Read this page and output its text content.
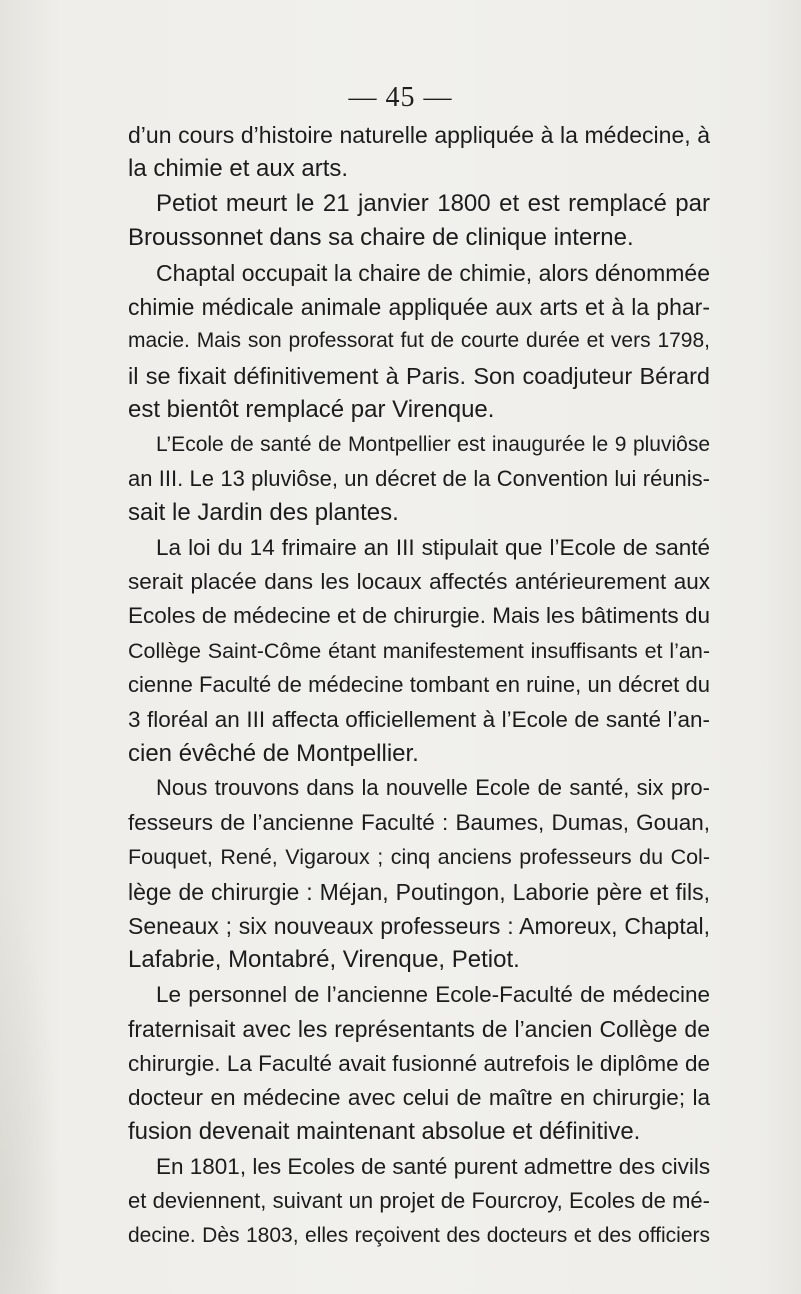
— 45 —
d’un cours d’histoire naturelle appliquée à la médecine, à
la chimie et aux arts.
Petiot meurt le 21 janvier 1800 et est remplacé par
Broussonnet dans sa chaire de clinique interne.
Chaptal occupait la chaire de chimie, alors dénommée
chimie médicale animale appliquée aux arts et à la phar-
macie. Mais son professorat fut de courte durée et vers 1798,
il se fixait définitivement à Paris. Son coadjuteur Bérard
est bientôt remplacé par Virenque.
L’Ecole de santé de Montpellier est inaugurée le 9 pluviôse
an III. Le 13 pluviôse, un décret de la Convention lui réunis-
sait le Jardin des plantes.
La loi du 14 frimaire an III stipulait que l’Ecole de santé
serait placée dans les locaux affectés antérieurement aux
Ecoles de médecine et de chirurgie. Mais les bâtiments du
Collège Saint-Côme étant manifestement insuffisants et l’an-
cienne Faculté de médecine tombant en ruine, un décret du
3 floréal an III affecta officiellement à l’Ecole de santé l’an-
cien évêché de Montpellier.
Nous trouvons dans la nouvelle Ecole de santé, six pro-
fesseurs de l’ancienne Faculté : Baumes, Dumas, Gouan,
Fouquet, René, Vigaroux ; cinq anciens professeurs du Col-
lège de chirurgie : Méjan, Poutingon, Laborie père et fils,
Seneaux ; six nouveaux professeurs : Amoreux, Chaptal,
Lafabrie, Montabré, Virenque, Petiot.
Le personnel de l’ancienne Ecole-Faculté de médecine
fraternisait avec les représentants de l’ancien Collège de
chirurgie. La Faculté avait fusionné autrefois le diplôme de
docteur en médecine avec celui de maître en chirurgie; la
fusion devenait maintenant absolue et définitive.
En 1801, les Ecoles de santé purent admettre des civils
et deviennent, suivant un projet de Fourcroy, Ecoles de mé-
decine. Dès 1803, elles reçoivent des docteurs et des officiers
